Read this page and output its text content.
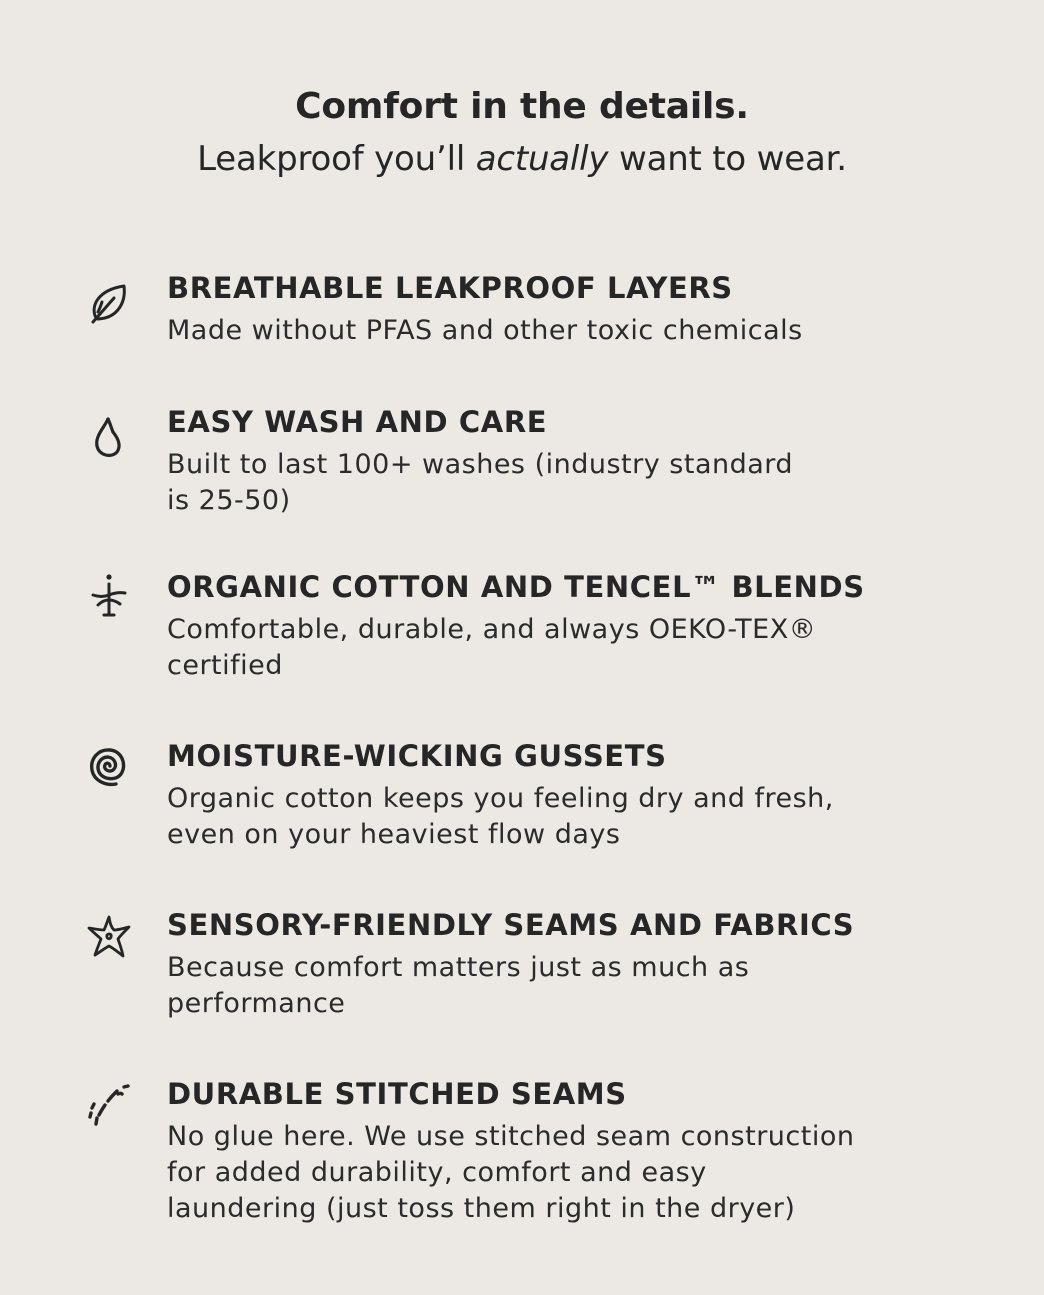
Comfort in the details.
Leakproof you’ll actually want to wear.
BREATHABLE LEAKPROOF LAYERS
Made without PFAS and other toxic chemicals
EASY WASH AND CARE
Built to last 100+ washes (industry standard
is 25-50)
ORGANIC COTTON AND TENCEL™ BLENDS
Comfortable, durable, and always OEKO-TEX®
certified
MOISTURE-WICKING GUSSETS
Organic cotton keeps you feeling dry and fresh,
even on your heaviest flow days
SENSORY-FRIENDLY SEAMS AND FABRICS
Because comfort matters just as much as
performance
DURABLE STITCHED SEAMS
No glue here. We use stitched seam construction
for added durability, comfort and easy
laundering (just toss them right in the dryer)
